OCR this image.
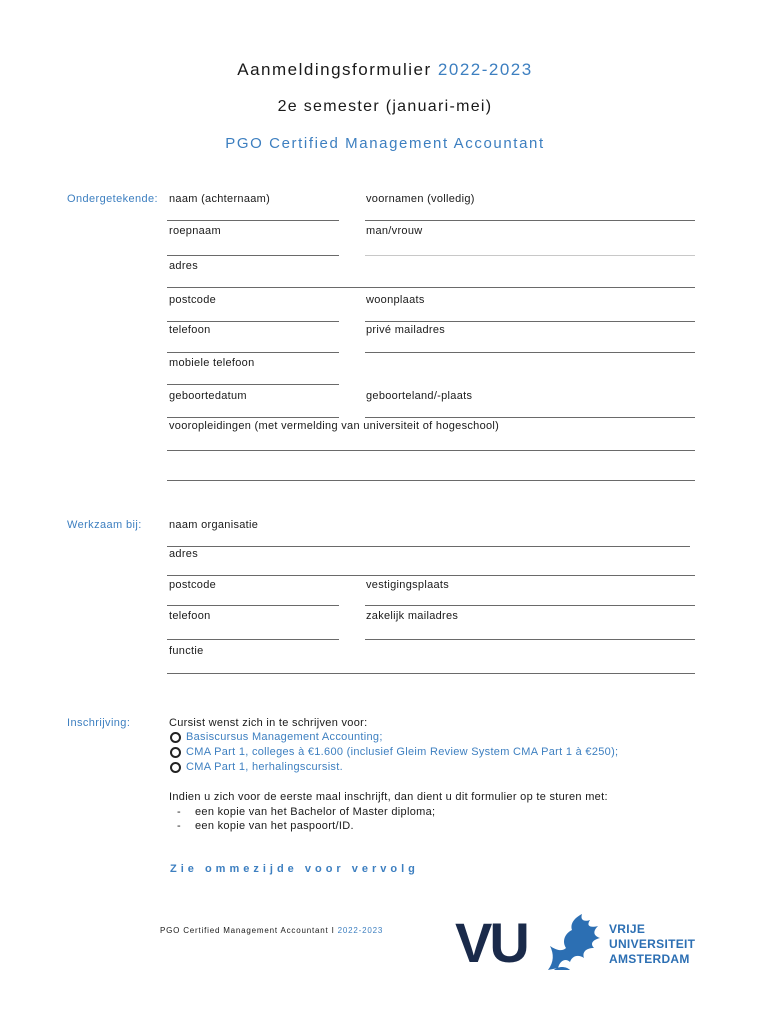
Aanmeldingsformulier 2022-2023
2e semester (januari-mei)
PGO Certified Management Accountant
Ondergetekende: naam (achternaam)	voornamen (volledig)
roepnaam	man/vrouw
adres
postcode	woonplaats
telefoon	privé mailadres
mobiele telefoon
geboortedatum	geboorteland/-plaats
vooropleidingen (met vermelding van universiteit of hogeschool)
Werkzaam bij: naam organisatie
adres
postcode	vestigingsplaats
telefoon	zakelijk mailadres
functie
Inschrijving:	Cursist wenst zich in te schrijven voor:
Basiscursus Management Accounting;
CMA Part 1, colleges à €1.600 (inclusief Gleim Review System CMA Part 1 à €250);
CMA Part 1, herhalingscursist.
Indien u zich voor de eerste maal inschrijft, dan dient u dit formulier op te sturen met:
- een kopie van het Bachelor of Master diploma;
- een kopie van het paspoort/ID.
Zie ommezijde voor vervolg
PGO Certified Management Accountant I 2022-2023 VU	VRIJE
UNIVERSITEIT
AMSTERDAM
